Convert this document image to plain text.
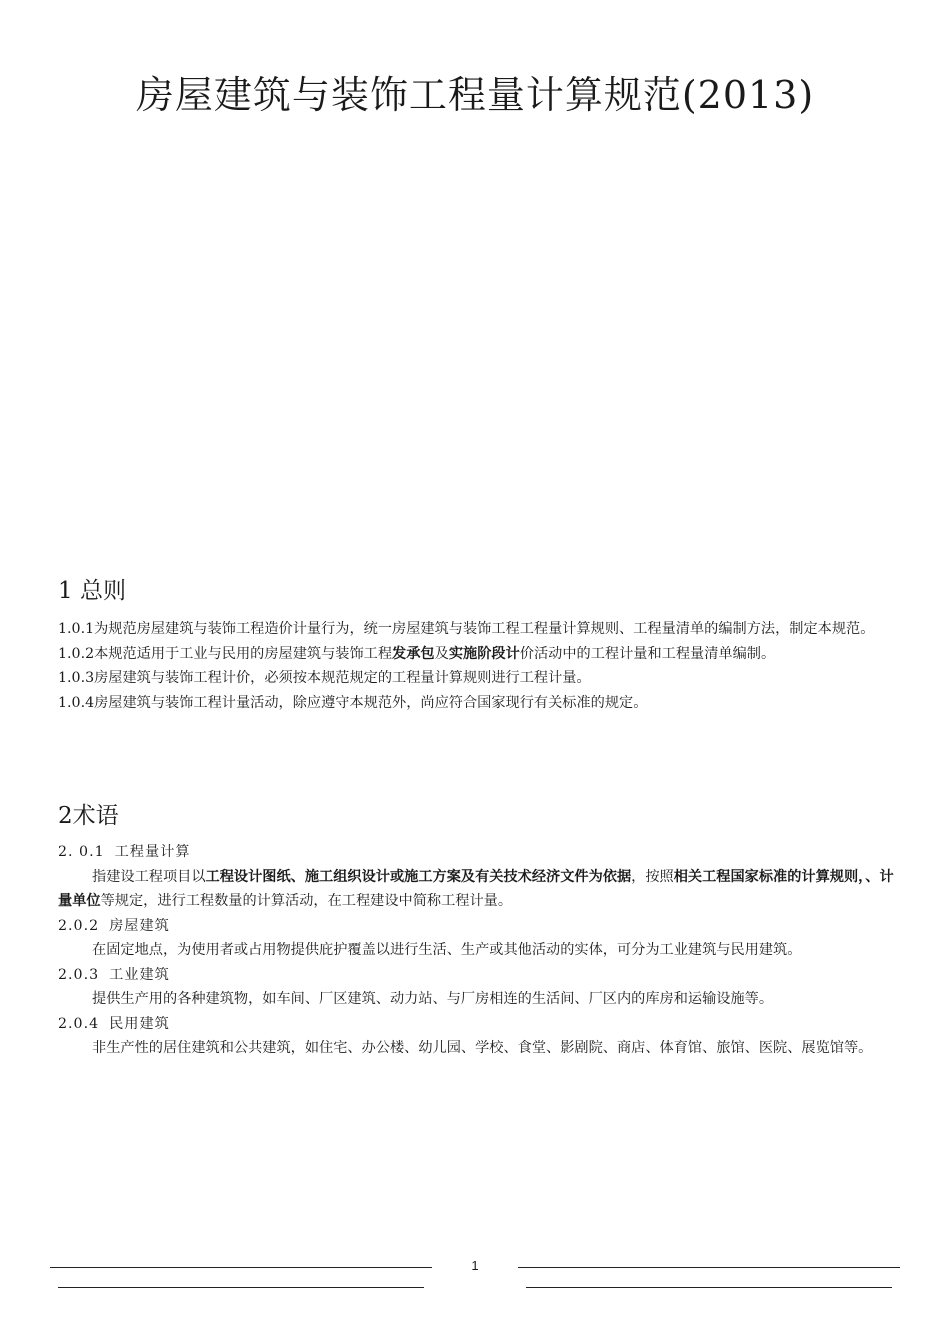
房屋建筑与装饰工程量计算规范(2013)
1 总则

1.0.1为规范房屋建筑与装饰工程造价计量行为，统一房屋建筑与装饰工程工程量计算规则、工程量清单的编制方法，制定本规范。

1.0.2本规范适用于工业与民用的房屋建筑与装饰工程发承包及实施阶段计价活动中的工程计量和工程量清单编制。

1.0.3房屋建筑与装饰工程计价，必须按本规范规定的工程量计算规则进行工程计量。

1.0.4房屋建筑与装饰工程计量活动，除应遵守本规范外，尚应符合国家现行有关标准的规定。

2术语

2. 0.1 工程量计算

指建设工程项目以工程设计图纸、施工组织设计或施工方案及有关技术经济文件为依据，按照相关工程国家标准的计算规则，、计量单位等规定，进行工程数量的计算活动，在工程建设中简称工程计量。

2.0.2 房屋建筑

在固定地点，为使用者或占用物提供庇护覆盖以进行生活、生产或其他活动的实体，可分为工业建筑与民用建筑。

2.0.3 工业建筑

提供生产用的各种建筑物，如车间、厂区建筑、动力站、与厂房相连的生活间、厂区内的库房和运输设施等。

2.0.4 民用建筑

非生产性的居住建筑和公共建筑，如住宅、办公楼、幼儿园、学校、食堂、影剧院、商店、体育馆、旅馆、医院、展览馆等。

1
